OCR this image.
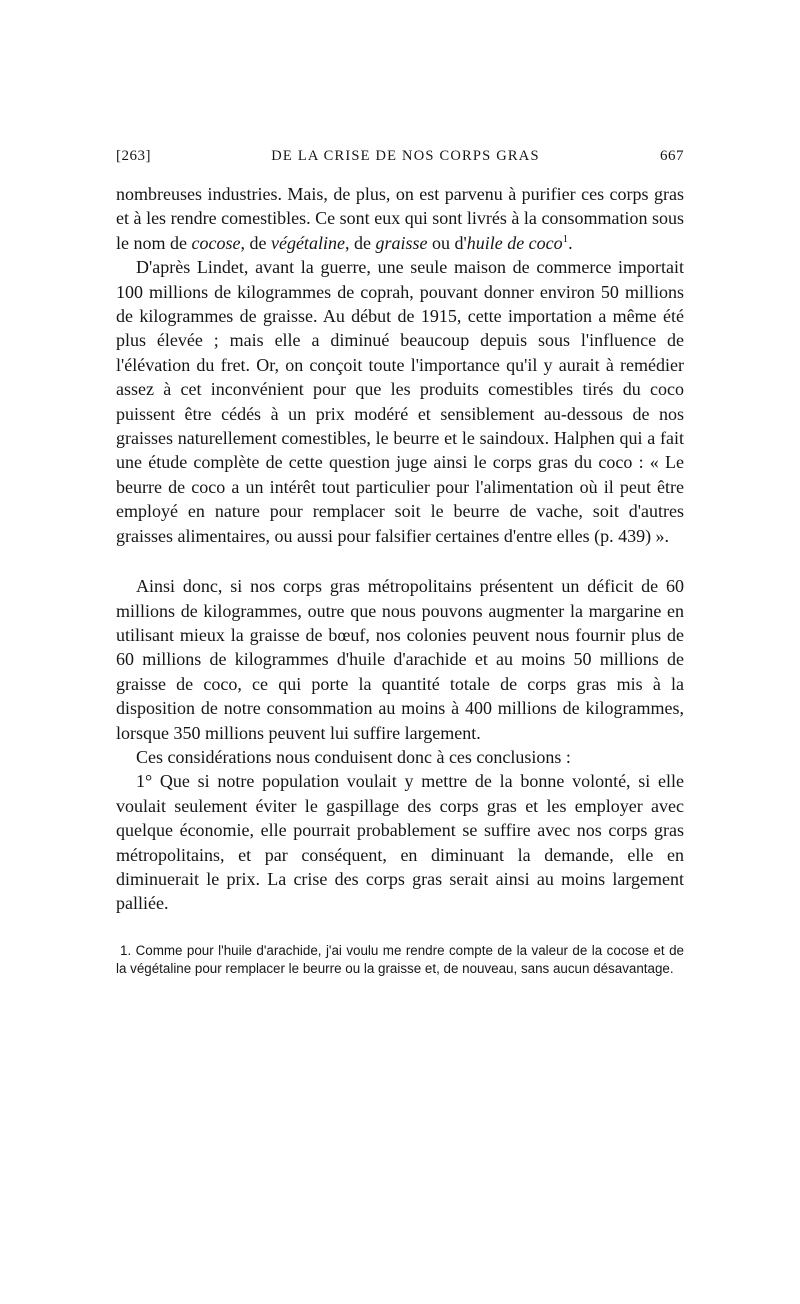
[263]	DE LA CRISE DE NOS CORPS GRAS	667

nombreuses industries. Mais, de plus, on est parvenu à purifier ces corps gras et à les rendre comestibles. Ce sont eux qui sont livrés à la consommation sous le nom de cocose, de végétaline, de graisse ou d'huile de coco$^1$.

D'après Lindet, avant la guerre, une seule maison de commerce importait 100 millions de kilogrammes de coprah, pouvant donner environ 50 millions de kilogrammes de graisse. Au début de 1915, cette importation a même été plus élevée ; mais elle a diminué beaucoup depuis sous l'influence de l'élévation du fret. Or, on conçoit toute l'importance qu'il y aurait à remédier assez à cet inconvénient pour que les produits comestibles tirés du coco puissent être cédés à un prix modéré et sensiblement au-dessous de nos graisses naturellement comestibles, le beurre et le saindoux. Halphen qui a fait une étude complète de cette question juge ainsi le corps gras du coco : « Le beurre de coco a un intérêt tout particulier pour l'alimentation où il peut être employé en nature pour remplacer soit le beurre de vache, soit d'autres graisses alimentaires, ou aussi pour falsifier certaines d'entre elles (p. 439) ».

Ainsi donc, si nos corps gras métropolitains présentent un déficit de 60 millions de kilogrammes, outre que nous pouvons augmenter la margarine en utilisant mieux la graisse de bœuf, nos colonies peuvent nous fournir plus de 60 millions de kilogrammes d'huile d'arachide et au moins 50 millions de graisse de coco, ce qui porte la quantité totale de corps gras mis à la disposition de notre consommation au moins à 400 millions de kilogrammes, lorsque 350 millions peuvent lui suffire largement.

Ces considérations nous conduisent donc à ces conclusions :

1° Que si notre population voulait y mettre de la bonne volonté, si elle voulait seulement éviter le gaspillage des corps gras et les employer avec quelque économie, elle pourrait probablement se suffire avec nos corps gras métropolitains, et par conséquent, en diminuant la demande, elle en diminuerait le prix. La crise des corps gras serait ainsi au moins largement palliée.

1. Comme pour l'huile d'arachide, j'ai voulu me rendre compte de la valeur de la cocose et de la végétaline pour remplacer le beurre ou la graisse et, de nouveau, sans aucun désavantage.
